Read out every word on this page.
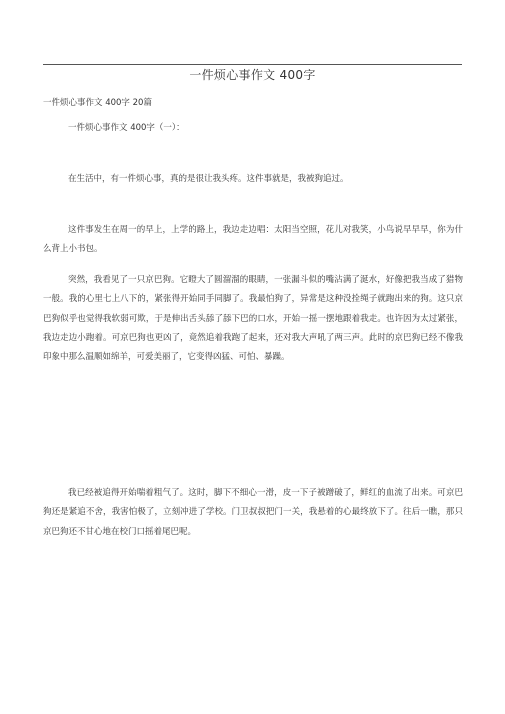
一件烦心事作文 400字
一件烦心事作文 400字 20篇
一件烦心事作文 400字（一）：

在生活中，有一件烦心事，真的是很让我头疼。这件事就是，我被狗追过。

这件事发生在周一的早上，上学的路上，我边走边唱：太阳当空照，花儿对我笑，小鸟说早早早，你为什么背上小书包。

突然，我看见了一只京巴狗。它瞪大了圆溜溜的眼睛，一张漏斗似的嘴沾满了涎水，好像把我当成了猎物一般。我的心里七上八下的，紧张得开始同手同脚了。我最怕狗了，异常是这种没拴绳子就跑出来的狗。这只京巴狗似乎也觉得我软弱可欺，于是伸出舌头舔了舔下巴的口水，开始一摇一摆地跟着我走。也许因为太过紧张，我边走边小跑着。可京巴狗也更凶了，竟然追着我跑了起来，还对我大声吼了两三声。此时的京巴狗已经不像我印象中那么温顺如绵羊，可爱美丽了，它变得凶猛、可怕、暴躁。

我已经被追得开始喘着粗气了。这时，脚下不细心一滑，皮一下子被蹭破了，鲜红的血流了出来。可京巴狗还是紧追不舍，我害怕极了，立刻冲进了学校。门卫叔叔把门一关，我悬着的心最终放下了。往后一瞧，那只京巴狗还不甘心地在校门口摇着尾巴呢。
